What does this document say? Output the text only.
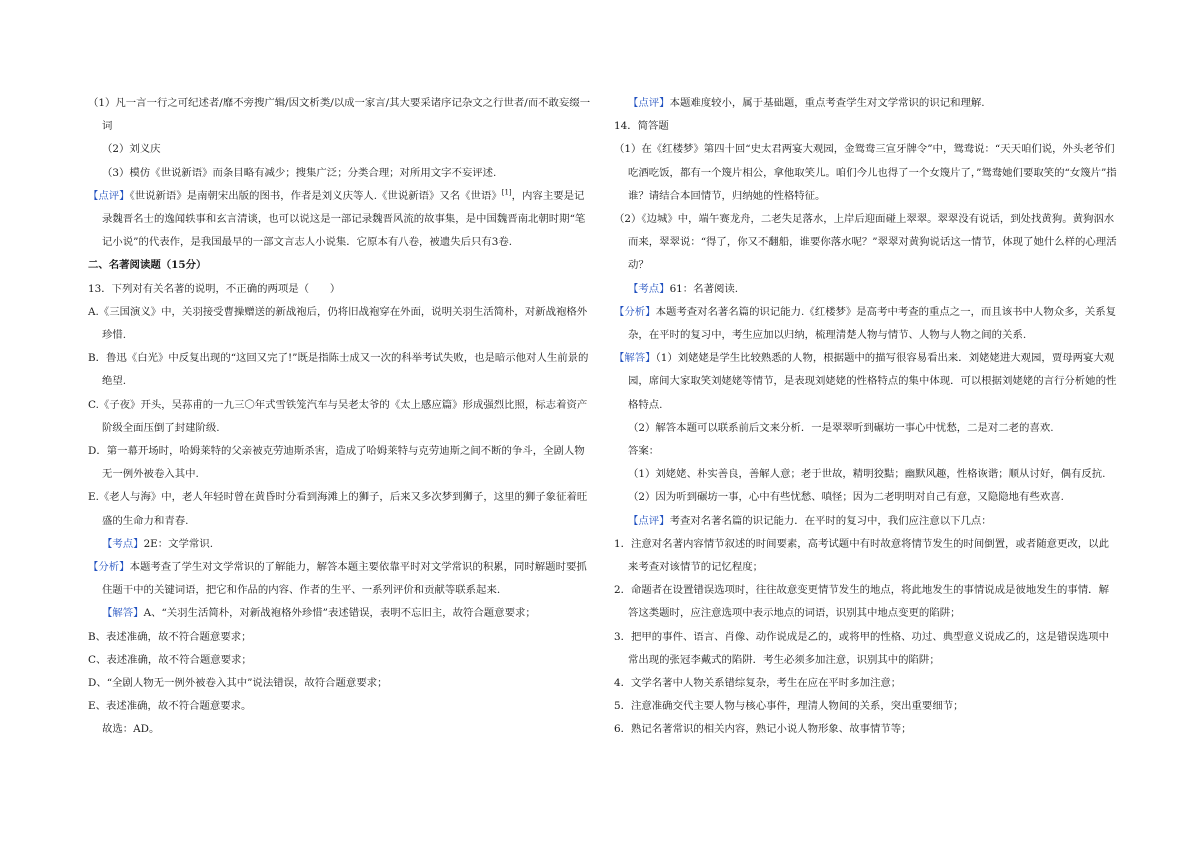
（1）凡一言一行之可纪述者/靡不旁搜广辑/因文析类/以成一家言/其大要采诸序记杂文之行世者/而不敢妄缀一词

（2）刘义庆

（3）模仿《世说新语》而条目略有减少；搜集广泛；分类合理；对所用文字不妄评述.

【点评】《世说新语》是南朝宋出版的图书，作者是刘义庆等人.《世说新语》又名《世语》[1]，内容主要是记录魏晋名士的逸闻轶事和玄言清谈，也可以说这是一部记录魏晋风流的故事集，是中国魏晋南北朝时期“笔记小说”的代表作，是我国最早的一部文言志人小说集．它原本有八卷，被遗失后只有3卷.

二、名著阅读题（15分）

13．下列对有关名著的说明，不正确的两项是（　　）

A.《三国演义》中，关羽接受曹操赠送的新战袍后，仍将旧战袍穿在外面，说明关羽生活简朴，对新战袍格外珍惜.

B．鲁迅《白光》中反复出现的“这回又完了!”既是指陈士成又一次的科举考试失败，也是暗示他对人生前景的绝望.

C.《子夜》开头，吴荪甫的一九三〇年式雪铁笼汽车与吴老太爷的《太上感应篇》形成强烈比照，标志着资产阶级全面压倒了封建阶级.

D．第一幕开场时，哈姆莱特的父亲被克劳迪斯杀害，造成了哈姆莱特与克劳迪斯之间不断的争斗，全剧人物无一例外被卷入其中.

E.《老人与海》中，老人年轻时曾在黄昏时分看到海滩上的狮子，后来又多次梦到狮子，这里的狮子象征着旺盛的生命力和青春.

【考点】2E：文学常识.

【分析】本题考查了学生对文学常识的了解能力，解答本题主要依靠平时对文学常识的积累，同时解题时要抓住题干中的关键词语，把它和作品的内容、作者的生平、一系列评价和贡献等联系起来.

【解答】A、“关羽生活简朴，对新战袍格外珍惜”表述错误，表明不忘旧主，故符合题意要求；

B、表述准确，故不符合题意要求；

C、表述准确，故不符合题意要求；

D、“全剧人物无一例外被卷入其中”说法错误，故符合题意要求；

E、表述准确，故不符合题意要求。

故选：AD。

【点评】本题难度较小，属于基础题，重点考查学生对文学常识的识记和理解.

14．简答题

（1）在《红楼梦》第四十回“史太君两宴大观园，金鸳鸯三宣牙牌令”中，鸳鸯说：“天天咱们说，外头老爷们吃酒吃饭，都有一个篾片相公，拿他取笑儿。咱们今儿也得了一个女篾片了，”鸳鸯她们要取笑的“女篾片”指谁？请结合本回情节，归纳她的性格特征。

（2）《边城》中，端午赛龙舟，二老失足落水，上岸后迎面碰上翠翠。翠翠没有说话，到处找黄狗。黄狗泅水而来，翠翠说：“得了，你又不翻船，谁要你落水呢？”翠翠对黄狗说话这一情节，体现了她什么样的心理活动？

【考点】61：名著阅读.

【分析】本题考查对名著名篇的识记能力.《红楼梦》是高考中考查的重点之一，而且该书中人物众多，关系复杂，在平时的复习中，考生应加以归纳，梳理清楚人物与情节、人物与人物之间的关系.

【解答】（1）刘姥姥是学生比较熟悉的人物，根据题中的描写很容易看出来．刘姥姥进大观园，贾母两宴大观园，席间大家取笑刘姥姥等情节，是表现刘姥姥的性格特点的集中体现．可以根据刘姥姥的言行分析她的性格特点.

（2）解答本题可以联系前后文来分析．一是翠翠听到碾坊一事心中忧愁，二是对二老的喜欢.

答案：

（1）刘姥姥、朴实善良，善解人意；老于世故，精明狡黠；幽默风趣，性格诙谐；顺从讨好，偶有反抗.

（2）因为听到碾坊一事，心中有些忧愁、嗔怪；因为二老明明对自己有意，又隐隐地有些欢喜.

【点评】考查对名著名篇的识记能力．在平时的复习中，我们应注意以下几点：

1．注意对名著内容情节叙述的时间要素，高考试题中有时故意将情节发生的时间倒置，或者随意更改，以此来考查对该情节的记忆程度；

2．命题者在设置错误选项时，往往故意变更情节发生的地点，将此地发生的事情说成是彼地发生的事情．解答这类题时，应注意选项中表示地点的词语，识别其中地点变更的陷阱；

3．把甲的事件、语言、肖像、动作说成是乙的，或将甲的性格、功过、典型意义说成乙的，这是错误选项中常出现的张冠李戴式的陷阱．考生必须多加注意，识别其中的陷阱；

4．文学名著中人物关系错综复杂，考生在应在平时多加注意；

5．注意准确交代主要人物与核心事件，理清人物间的关系，突出重要细节；

6．熟记名著常识的相关内容，熟记小说人物形象、故事情节等；
